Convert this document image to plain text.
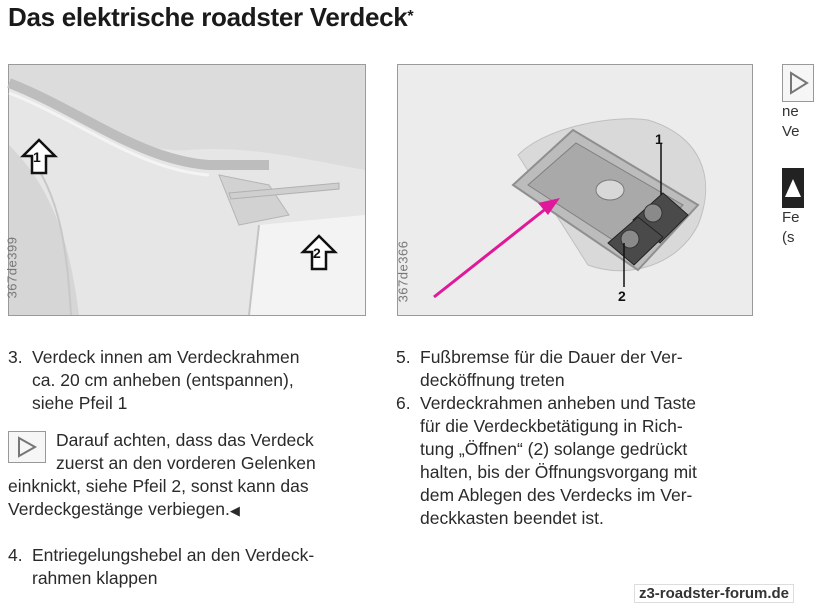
Das elektrische roadster Verdeck*
1
2
367de399
1
2
367de366
ne
Ve
Fe
(s
3. Verdeck innen am Verdeckrahmen
ca. 20 cm anheben (entspannen),
siehe Pfeil 1
Darauf achten, dass das Verdeck
zuerst an den vorderen Gelenken
einknickt, siehe Pfeil 2, sonst kann das
Verdeckgestänge verbiegen.◀
4. Entriegelungshebel an den Verdeck-
rahmen klappen
5. Fußbremse für die Dauer der Ver-
decköffnung treten
6. Verdeckrahmen anheben und Taste
für die Verdeckbetätigung in Rich-
tung „Öffnen“ (2) solange gedrückt
halten, bis der Öffnungsvorgang mit
dem Ablegen des Verdecks im Ver-
deckkasten beendet ist.
z3-roadster-forum.de
